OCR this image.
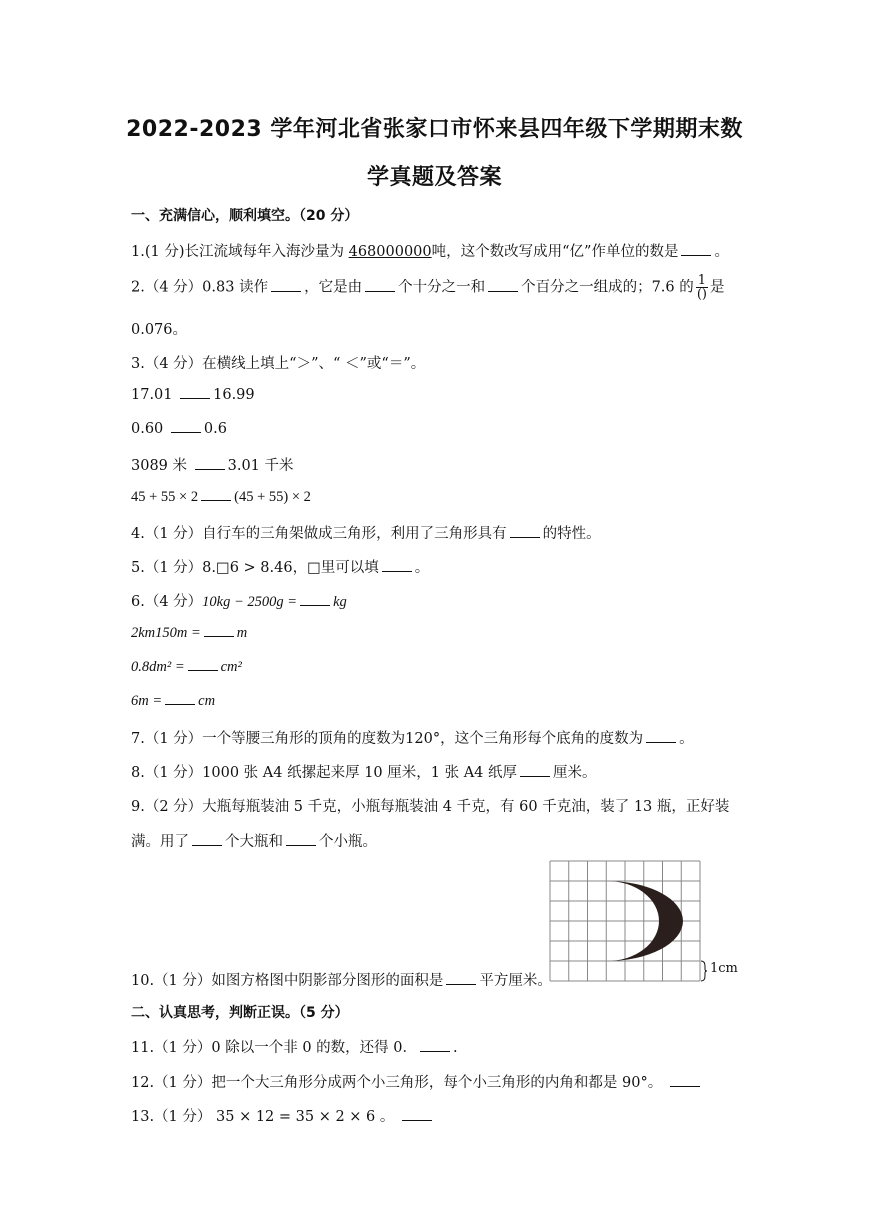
2022-2023 学年河北省张家口市怀来县四年级下学期期末数
学真题及答案
一、充满信心，顺利填空。（20 分）
1.(1 分)长江流域每年入海沙量为 468000000吨，这个数改写成用“亿”作单位的数是 。
2.（4 分）0.83 读作 ，它是由 个十分之一和 个百分之一组成的；7.6 的 $\frac{1}{()}$ 是
0.076。
3.（4 分）在横线上填上“＞”、“ ＜”或“＝”。
17.01	16.99
0.60	0.6
3089 米	3.01 千米
45 + 55 × 2 (45 + 55) × 2
4.（1 分）自行车的三角架做成三角形，利用了三角形具有 的特性。
5.（1 分）8.□6 > 8.46，□里可以填 。
6.（4 分）10kg − 2500g = kg
2km150m = m
0.8dm² = cm²
6m = cm
7.（1 分）一个等腰三角形的顶角的度数为120°，这个三角形每个底角的度数为 。
8.（1 分）1000 张 A4 纸摞起来厚 10 厘米，1 张 A4 纸厚 厘米。
9.（2 分）大瓶每瓶装油 5 千克，小瓶每瓶装油 4 千克，有 60 千克油，装了 13 瓶，正好装
满。用了 个大瓶和 个小瓶。
1cm
10.（1 分）如图方格图中阴影部分图形的面积是 平方厘米。
二、认真思考，判断正误。（5 分）
11.（1 分）0 除以一个非 0 的数，还得 0． .
12.（1 分）把一个大三角形分成两个小三角形，每个小三角形的内角和都是 90°。
13.（1 分） 35 × 12 = 35 × 2 × 6 。
